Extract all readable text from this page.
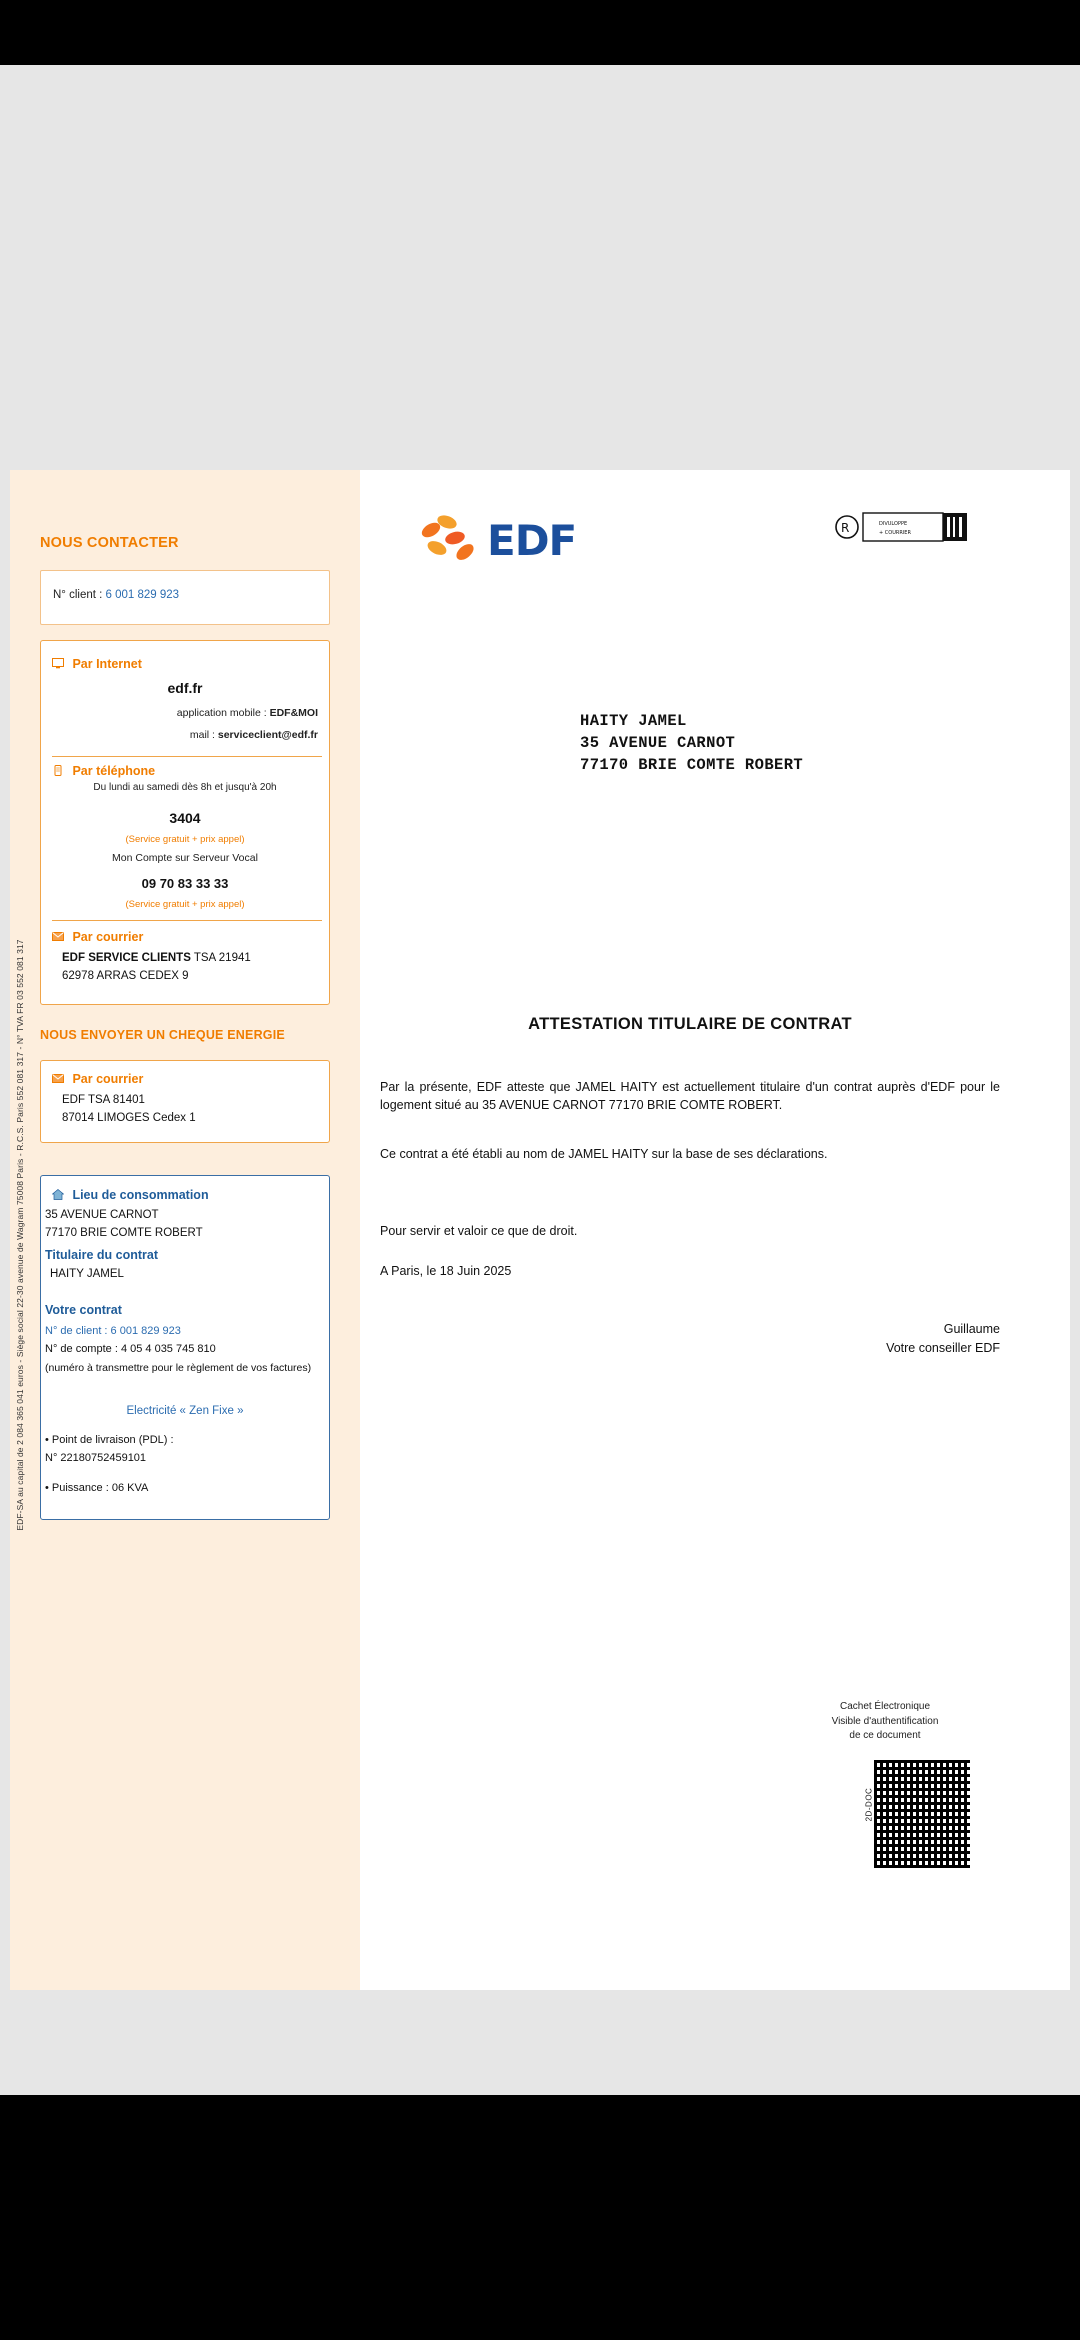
EDF-SA au capital de 2 084 365 041 euros - Siège social 22-30 avenue de Wagram 75008 Paris - R.C.S. Paris 552 081 317 - N° TVA FR 03 552 081 317
NOUS CONTACTER
N° client : 6 001 829 923
Par Internet
edf.fr
application mobile : EDF&MOI
mail : serviceclient@edf.fr
Par téléphone
Du lundi au samedi dès 8h et jusqu'à 20h
3404
(Service gratuit + prix appel)
Mon Compte sur Serveur Vocal
09 70 83 33 33
(Service gratuit + prix appel)
Par courrier
EDF SERVICE CLIENTS TSA 21941
62978 ARRAS CEDEX 9
NOUS ENVOYER UN CHEQUE ENERGIE
Par courrier
EDF TSA 81401
87014 LIMOGES Cedex 1
Lieu de consommation
35 AVENUE CARNOT
77170 BRIE COMTE ROBERT
Titulaire du contrat
HAITY JAMEL
Votre contrat
N° de client : 6 001 829 923
N° de compte : 4 05 4 035 745 810
(numéro à transmettre pour le règlement de vos factures)
Electricité « Zen Fixe »
• Point de livraison (PDL) :
N° 22180752459101
• Puissance : 06 KVA
EDF	R	DIVULOPPE
+ COURRIER
HAITY JAMEL
35 AVENUE CARNOT
77170 BRIE COMTE ROBERT
ATTESTATION TITULAIRE DE CONTRAT
Par la présente, EDF atteste que JAMEL HAITY est actuellement titulaire d'un contrat auprès d'EDF pour le logement situé au 35 AVENUE CARNOT 77170 BRIE COMTE ROBERT.
Ce contrat a été établi au nom de JAMEL HAITY sur la base de ses déclarations.
Pour servir et valoir ce que de droit.
A Paris, le 18 Juin 2025
Guillaume
Votre conseiller EDF
Cachet Électronique
Visible d'authentification
de ce document
2D-DOC
